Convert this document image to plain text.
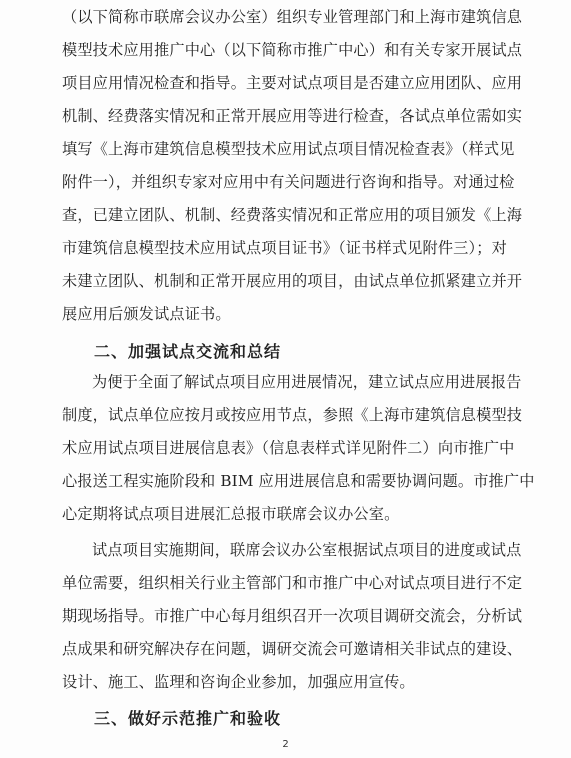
（以下简称市联席会议办公室）组织专业管理部门和上海市建筑信息
模型技术应用推广中心（以下简称市推广中心）和有关专家开展试点
项目应用情况检查和指导。主要对试点项目是否建立应用团队、应用
机制、经费落实情况和正常开展应用等进行检查，各试点单位需如实
填写《上海市建筑信息模型技术应用试点项目情况检查表》（样式见
附件一），并组织专家对应用中有关问题进行咨询和指导。对通过检
查，已建立团队、机制、经费落实情况和正常应用的项目颁发《上海
市建筑信息模型技术应用试点项目证书》（证书样式见附件三）；对
未建立团队、机制和正常开展应用的项目，由试点单位抓紧建立并开
展应用后颁发试点证书。
二、加强试点交流和总结
为便于全面了解试点项目应用进展情况，建立试点应用进展报告
制度，试点单位应按月或按应用节点，参照《上海市建筑信息模型技
术应用试点项目进展信息表》（信息表样式详见附件二）向市推广中
心报送工程实施阶段和 BIM 应用进展信息和需要协调问题。市推广中
心定期将试点项目进展汇总报市联席会议办公室。
试点项目实施期间，联席会议办公室根据试点项目的进度或试点
单位需要，组织相关行业主管部门和市推广中心对试点项目进行不定
期现场指导。市推广中心每月组织召开一次项目调研交流会，分析试
点成果和研究解决存在问题，调研交流会可邀请相关非试点的建设、
设计、施工、监理和咨询企业参加，加强应用宣传。
三、做好示范推广和验收
2
